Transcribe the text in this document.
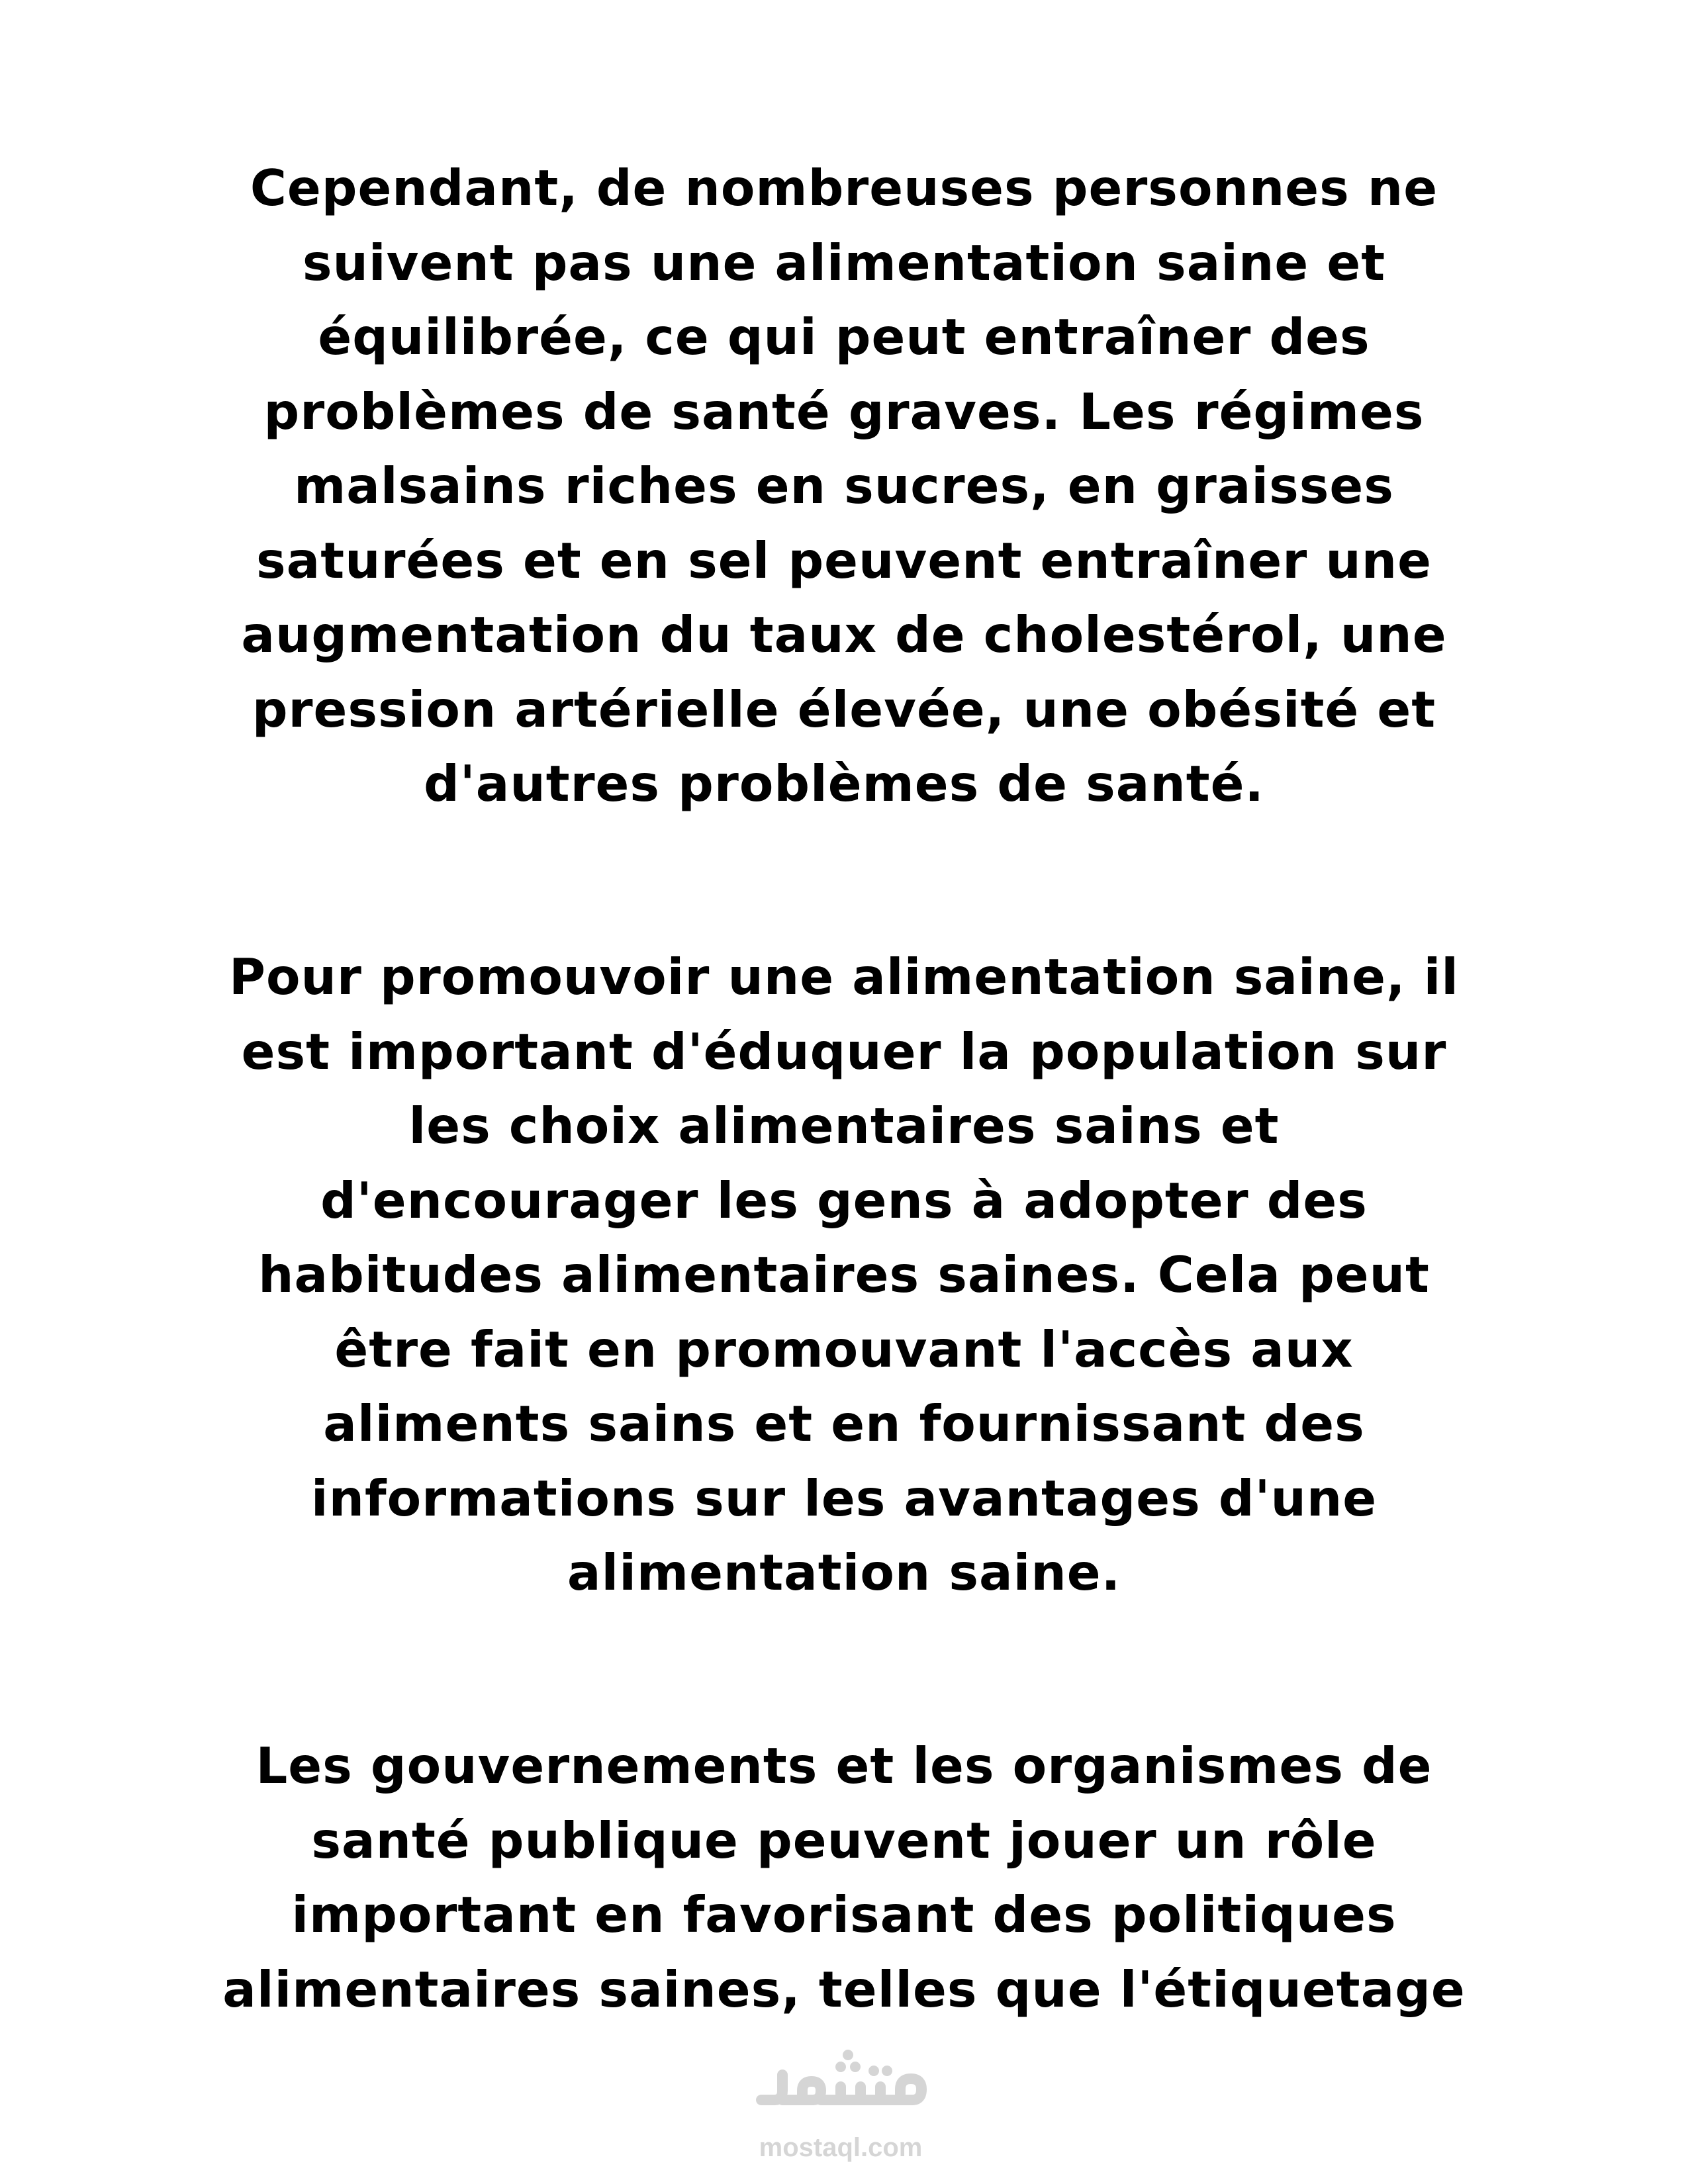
Cependant, de nombreuses personnes ne
suivent pas une alimentation saine et
équilibrée, ce qui peut entraîner des
problèmes de santé graves. Les régimes
malsains riches en sucres, en graisses
saturées et en sel peuvent entraîner une
augmentation du taux de cholestérol, une
pression artérielle élevée, une obésité et
d'autres problèmes de santé.

Pour promouvoir une alimentation saine, il
est important d'éduquer la population sur
les choix alimentaires sains et
d'encourager les gens à adopter des
habitudes alimentaires saines. Cela peut
être fait en promouvant l'accès aux
aliments sains et en fournissant des
informations sur les avantages d'une
alimentation saine.

Les gouvernements et les organismes de
santé publique peuvent jouer un rôle
important en favorisant des politiques
alimentaires saines, telles que l'étiquetage

mostaql.com
